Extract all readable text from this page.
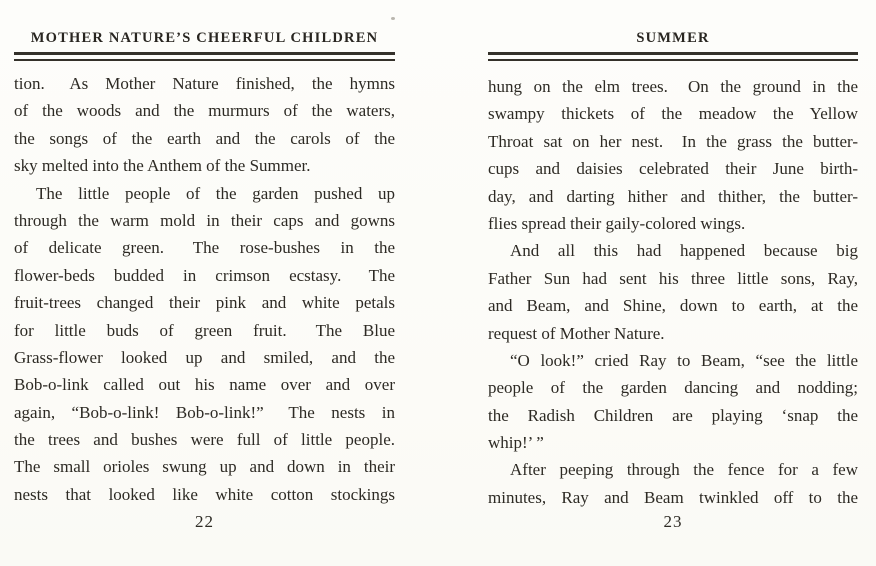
MOTHER NATURE’S CHEERFUL CHILDREN
tion.  As Mother Nature finished, the hymns
of the woods and the murmurs of the waters,
the songs of the earth and the carols of the
sky melted into the Anthem of the Summer.
The little people of the garden pushed up
through the warm mold in their caps and gowns
of delicate green.  The rose-bushes in the
flower-beds budded in crimson ecstasy.  The
fruit-trees changed their pink and white petals
for little buds of green fruit.  The Blue
Grass-flower looked up and smiled, and the
Bob-o-link called out his name over and over
again, “Bob-o-link! Bob-o-link!”  The nests in
the trees and bushes were full of little people.
The small orioles swung up and down in their
nests that looked like white cotton stockings
22
SUMMER
hung on the elm trees.  On the ground in the
swampy thickets of the meadow the Yellow
Throat sat on her nest.  In the grass the butter-
cups and daisies celebrated their June birth-
day, and darting hither and thither, the butter-
flies spread their gaily-colored wings.
And all this had happened because big
Father Sun had sent his three little sons, Ray,
and Beam, and Shine, down to earth, at the
request of Mother Nature.
“O look!” cried Ray to Beam, “see the little
people of the garden dancing and nodding;
the Radish Children are playing ‘snap the
whip!’ ”
After peeping through the fence for a few
minutes, Ray and Beam twinkled off to the
23
